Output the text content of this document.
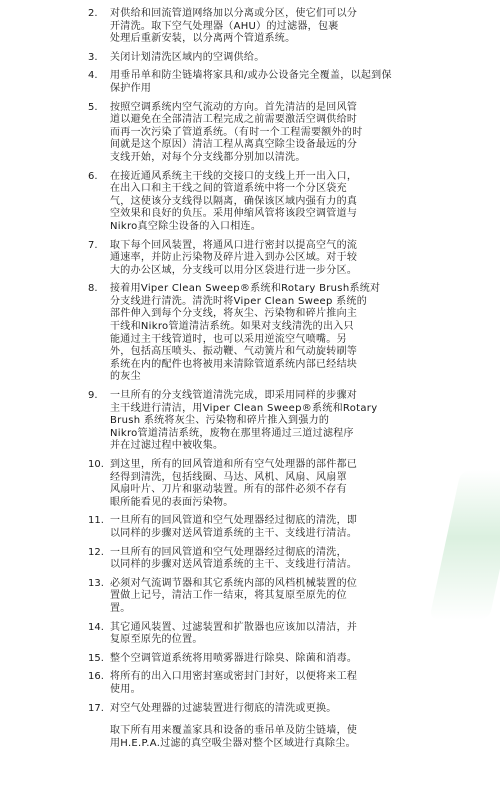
2.	对供给和回流管道网络加以分离或分区，使它们可以分
开清洗。取下空气处理器（AHU）的过滤器，包裹
处理后重新安装，以分离两个管道系统。

3.	关闭计划清洗区域内的空调供给。

4.	用垂吊单和防尘链墙将家具和/或办公设备完全覆盖，以起到保
保护作用

5.	按照空调系统内空气流动的方向。首先清洁的是回风管
道以避免在全部清洁工程完成之前需要激活空调供给时
而再一次污染了管道系统。（有时一个工程需要额外的时
间就是这个原因）清洁工程从离真空除尘设备最远的分
支线开始，对每个分支线都分别加以清洗。

6.	在接近通风系统主干线的交接口的支线上开一出入口，
在出入口和主干线之间的管道系统中将一个分区袋充
气，这使该分支线得以隔离，确保该区域内强有力的真
空效果和良好的负压。采用伸缩风管将该段空调管道与
Nikro真空除尘设备的入口相连。

7.	取下每个回风装置，将通风口进行密封以提高空气的流
通速率，并防止污染物及碎片进入到办公区域。对于较
大的办公区域，分支线可以用分区袋进行进一步分区。

8.	接着用Viper Clean Sweep®系统和Rotary Brush系统对
分支线进行清洗。清洗时将Viper Clean Sweep 系统的
部件伸入到每个分支线，将灰尘、污染物和碎片推向主
干线和Nikro管道清洁系统。如果对支线清洗的出入只
能通过主干线管道时，也可以采用逆流空气喷嘴。另
外，包括高压喷头、振动鞭、气动簧片和气动旋转刷等
系统在内的配件也将被用来清除管道系统内部已经结块
的灰尘

9.	一旦所有的分支线管道清洗完成，即采用同样的步骤对
主干线进行清洁，用Viper Clean Sweep®系统和Rotary
Brush 系统将灰尘、污染物和碎片推入到强力的
Nikro管道清洁系统，废物在那里将通过三道过滤程序
并在过滤过程中被收集。

10. 到这里，所有的回风管道和所有空气处理器的部件都已
经得到清洗，包括线圈、马达、风机、风扇、风扇罩
风扇叶片、刀片和驱动装置。所有的部件必须不存有
眼所能看见的表面污染物。

11. 一旦所有的回风管道和空气处理器经过彻底的清洗，即
以同样的步骤对送风管道系统的主干、支线进行清洁。

12. 一旦所有的回风管道和空气处理器经过彻底的清洗，
以同样的步骤对送风管道系统的主干、支线进行清洁。

13. 必须对气流调节器和其它系统内部的风档机械装置的位
置做上记号，清洁工作一结束，将其复原至原先的位
置。

14. 其它通风装置、过滤装置和扩散器也应该加以清洁，并
复原至原先的位置。

15. 整个空调管道系统将用喷雾器进行除臭、除菌和消毒。

16. 将所有的出入口用密封塞或密封门封好，以便将来工程
使用。

17. 对空气处理器的过滤装置进行彻底的清洗或更换。

取下所有用来覆盖家具和设备的垂吊单及防尘链墙，使
用H.E.P.A.过滤的真空吸尘器对整个区域进行真除尘。
